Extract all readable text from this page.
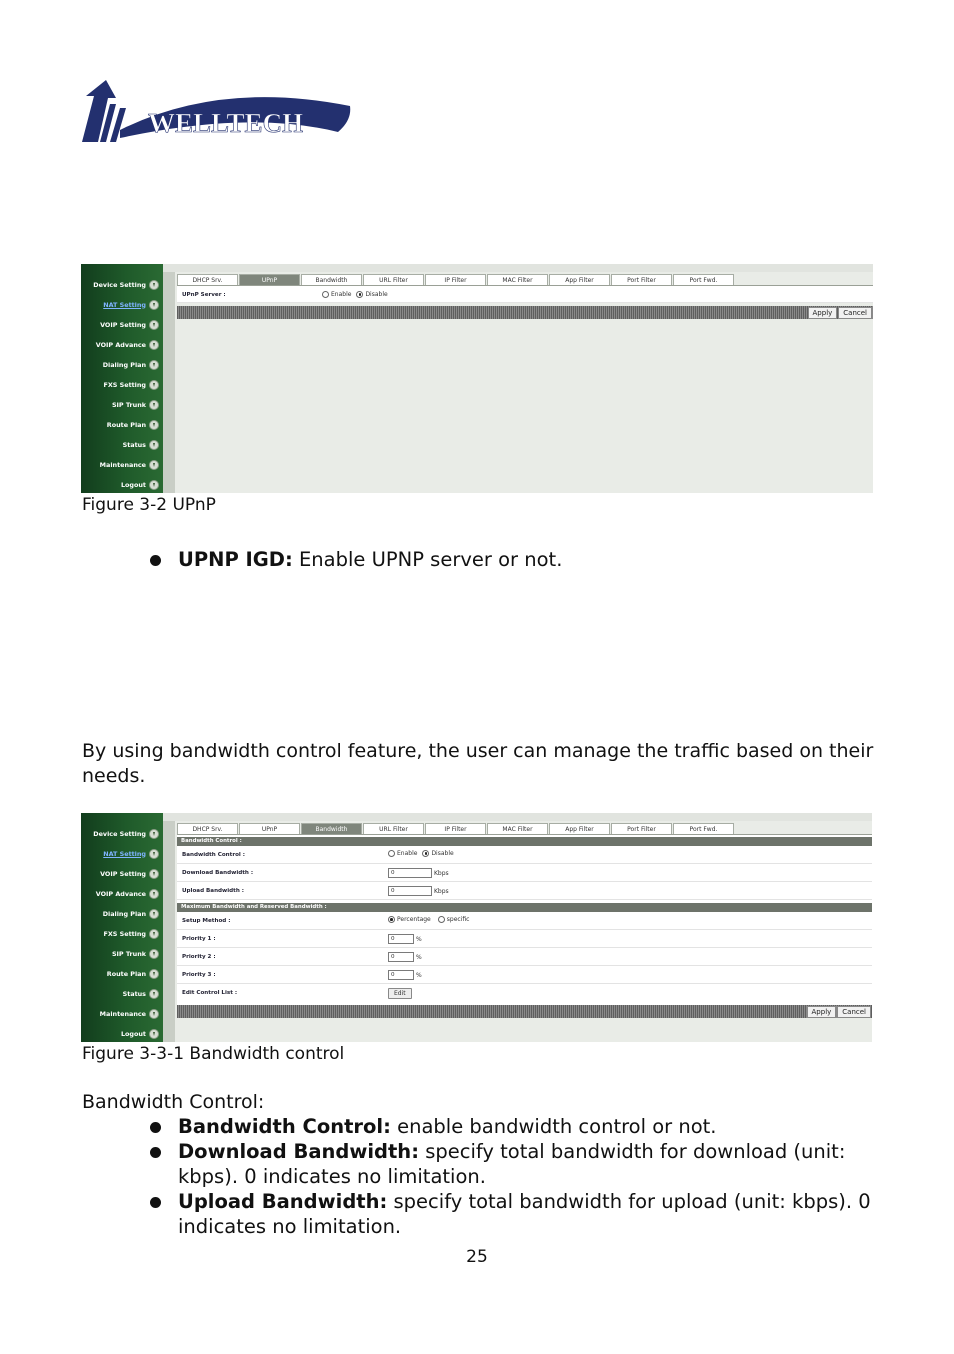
WELLTECH
Device Setting
NAT Setting
VOIP Setting
VOIP Advance
Dialing Plan
FXS Setting
SIP Trunk
Route Plan
Status
Maintenance
Logout
DHCP Srv.	UPnP	Bandwidth	URL Filter	IP Filter	MAC Filter	App Filter	Port Filter	Port Fwd.
UPnP Server :	Enable Disable
Apply	Cancel
Figure 3-2 UPnP
UPNP IGD: Enable UPNP server or not.
By using bandwidth control feature, the user can manage the traffic based on their needs.
Device Setting
NAT Setting
VOIP Setting
VOIP Advance
Dialing Plan
FXS Setting
SIP Trunk
Route Plan
Status
Maintenance
Logout
DHCP Srv.	UPnP	Bandwidth	URL Filter	IP Filter	MAC Filter	App Filter	Port Filter	Port Fwd.
Bandwidth Control :
Bandwidth Control :	Enable Disable
Download Bandwidth :	0	Kbps
Upload Bandwidth :	0	Kbps
Maximum Bandwidth and Reserved Bandwidth :
Setup Method :	Percentage	specific
Priority 1 :	0	%
Priority 2 :	0	%
Priority 3 :	0	%
Edit Control List :	Edit
Apply	Cancel
Figure 3-3-1 Bandwidth control
Bandwidth Control:
Bandwidth Control: enable bandwidth control or not.
Download Bandwidth: specify total bandwidth for download (unit: kbps). 0 indicates no limitation.
Upload Bandwidth: specify total bandwidth for upload (unit: kbps). 0 indicates no limitation.
25
